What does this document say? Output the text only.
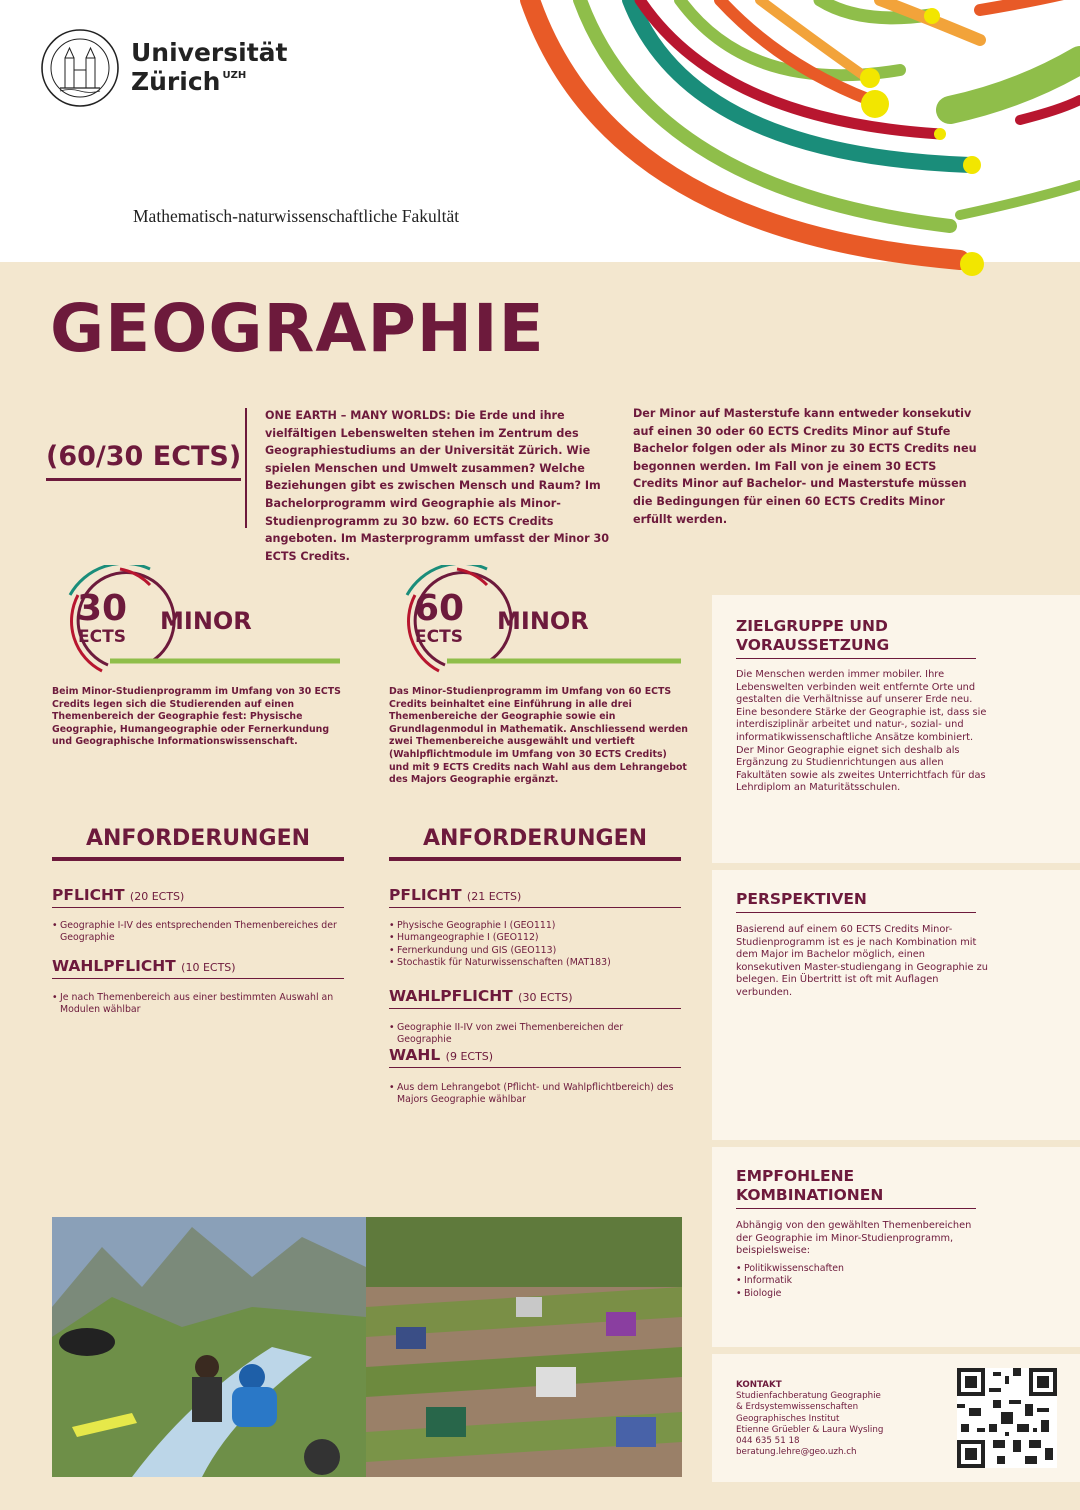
Universität
Zürich $^{UZH}$
Mathematisch-naturwissenschaftliche Fakultät
GEOGRAPHIE
(60/30 ECTS)
ONE EARTH – MANY WORLDS: Die Erde und ihre vielfältigen Lebenswelten stehen im Zentrum des Geographiestudiums an der Universität Zürich. Wie spielen Menschen und Umwelt zusammen? Welche Beziehungen gibt es zwischen Mensch und Raum? Im Bachelorprogramm wird Geographie als Minor-Studienprogramm zu 30 bzw. 60 ECTS Credits angeboten. Im Masterprogramm umfasst der Minor 30 ECTS Credits.
Der Minor auf Masterstufe kann entweder konsekutiv auf einen 30 oder 60 ECTS Credits Minor auf Stufe Bachelor folgen oder als Minor zu 30 ECTS Credits neu begonnen werden. Im Fall von je einem 30 ECTS Credits Minor auf Bachelor- und Masterstufe müssen die Bedingungen für einen 60 ECTS Credits Minor erfüllt werden.
30
ECTS
MINOR
Beim Minor-Studienprogramm im Umfang von 30 ECTS Credits legen sich die Studierenden auf einen Themenbereich der Geographie fest: Physische Geographie, Humangeographie oder Fernerkundung und Geographische Informationswissenschaft.
60
ECTS
MINOR
Das Minor-Studienprogramm im Umfang von 60 ECTS Credits beinhaltet eine Einführung in alle drei Themenbereiche der Geographie sowie ein Grundlagenmodul in Mathematik. Anschliessend werden zwei Themenbereiche ausgewählt und vertieft (Wahlpflichtmodule im Umfang von 30 ECTS Credits) und mit 9 ECTS Credits nach Wahl aus dem Lehrangebot des Majors Geographie ergänzt.
ANFORDERUNGEN
PFLICHT (20 ECTS)
• Geographie I-IV des entsprechenden Themenbereiches der Geographie
WAHLPFLICHT (10 ECTS)
• Je nach Themenbereich aus einer bestimmten Auswahl an Modulen wählbar
ANFORDERUNGEN
PFLICHT (21 ECTS)
• Physische Geographie I (GEO111)
• Humangeographie I (GEO112)
• Fernerkundung und GIS (GEO113)
• Stochastik für Naturwissenschaften (MAT183)
WAHLPFLICHT (30 ECTS)
• Geographie II-IV von zwei Themenbereichen der Geographie
WAHL (9 ECTS)
• Aus dem Lehrangebot (Pflicht- und Wahlpflichtbereich) des Majors Geographie wählbar
ZIELGRUPPE UND VORAUSSETZUNG
Die Menschen werden immer mobiler. Ihre Lebenswelten verbinden weit entfernte Orte und gestalten die Verhältnisse auf unserer Erde neu. Eine besondere Stärke der Geographie ist, dass sie interdisziplinär arbeitet und natur-, sozial- und informatikwissenschaftliche Ansätze kombiniert. Der Minor Geographie eignet sich deshalb als Ergänzung zu Studienrichtungen aus allen Fakultäten sowie als zweites Unterrichtfach für das Lehrdiplom an Maturitätsschulen.
PERSPEKTIVEN
Basierend auf einem 60 ECTS Credits Minor-Studienprogramm ist es je nach Kombination mit dem Major im Bachelor möglich, einen konsekutiven Master-studiengang in Geographie zu belegen. Ein Übertritt ist oft mit Auflagen verbunden.
EMPFOHLENE KOMBINATIONEN
Abhängig von den gewählten Themenbereichen der Geographie im Minor-Studienprogramm, beispielsweise:
• Politikwissenschaften
• Informatik
• Biologie
KONTAKT
Studienfachberatung Geographie
& Erdsystemwissenschaften
Geographisches Institut
Etienne Grüebler & Laura Wysling
044 635 51 18
beratung.lehre@geo.uzh.ch
